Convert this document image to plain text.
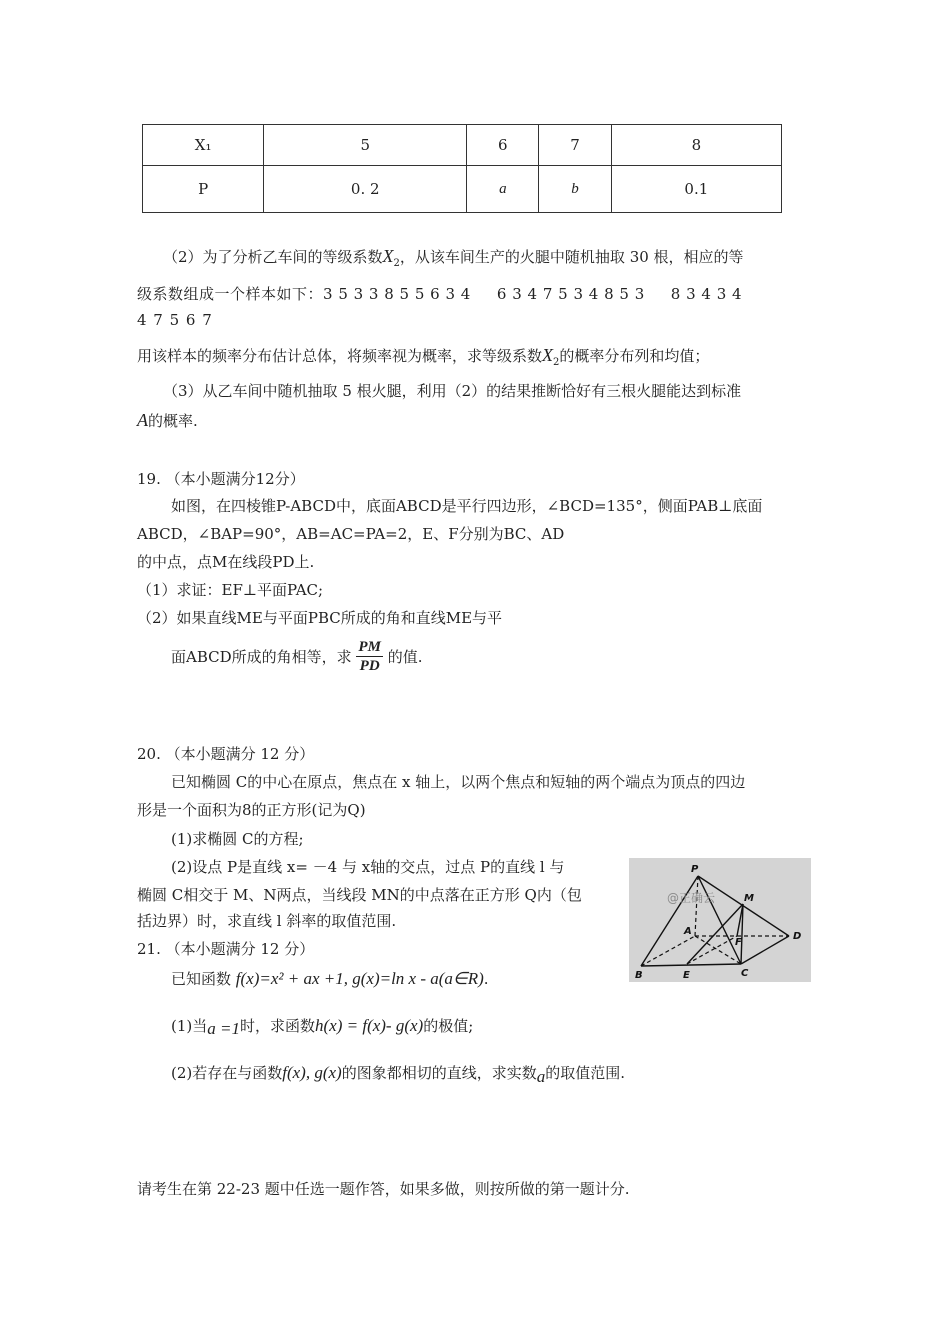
X₁	5	6	7	8
P	0. 2	a	b	0.1
（2）为了分析乙车间的等级系数$X_2$，从该车间生产的火腿中随机抽取 30 根，相应的等
级系数组成一个样本如下：3 5 3 3 8 5 5 6 3 4 　 6 3 4 7 5 3 4 8 5 3 　 8 3 4 3 4
4 7 5 6 7
用该样本的频率分布估计总体，将频率视为概率，求等级系数$X_2$的概率分布列和均值；
（3）从乙车间中随机抽取 5 根火腿，利用（2）的结果推断恰好有三根火腿能达到标准
A的概率.
19. （本小题满分12分）
如图，在四棱锥P-ABCD中，底面ABCD是平行四边形，∠BCD=135°，侧面PAB⊥底面
ABCD，∠BAP=90°，AB=AC=PA=2，E、F分别为BC、AD
的中点，点M在线段PD上.
（1）求证：EF⊥平面PAC;
（2）如果直线ME与平面PBC所成的角和直线ME与平
面ABCD所成的角相等，求 $\frac{PM}{PD}$ 的值.
20. （本小题满分 12 分）
已知椭圆 C的中心在原点，焦点在 x 轴上，以两个焦点和短轴的两个端点为顶点的四边
形是一个面积为8的正方形(记为Q)
(1)求椭圆 C的方程;
(2)设点 P是直线 x= －4 与 x轴的交点，过点 P的直线 l 与
椭圆 C相交于 M、N两点，当线段 MN的中点落在正方形 Q内（包
括边界）时，求直线 l 斜率的取值范围.
P
M
A
F
D
B	E	C
@正确云
21. （本小题满分 12 分）
已知函数 f(x)=x² + ax +1, g(x)=ln x - a(a∈R).
(1)当a =1时，求函数h(x) = f(x)- g(x)的极值;
(2)若存在与函数f(x), g(x)的图象都相切的直线，求实数a的取值范围.
请考生在第 22-23 题中任选一题作答，如果多做，则按所做的第一题计分.
